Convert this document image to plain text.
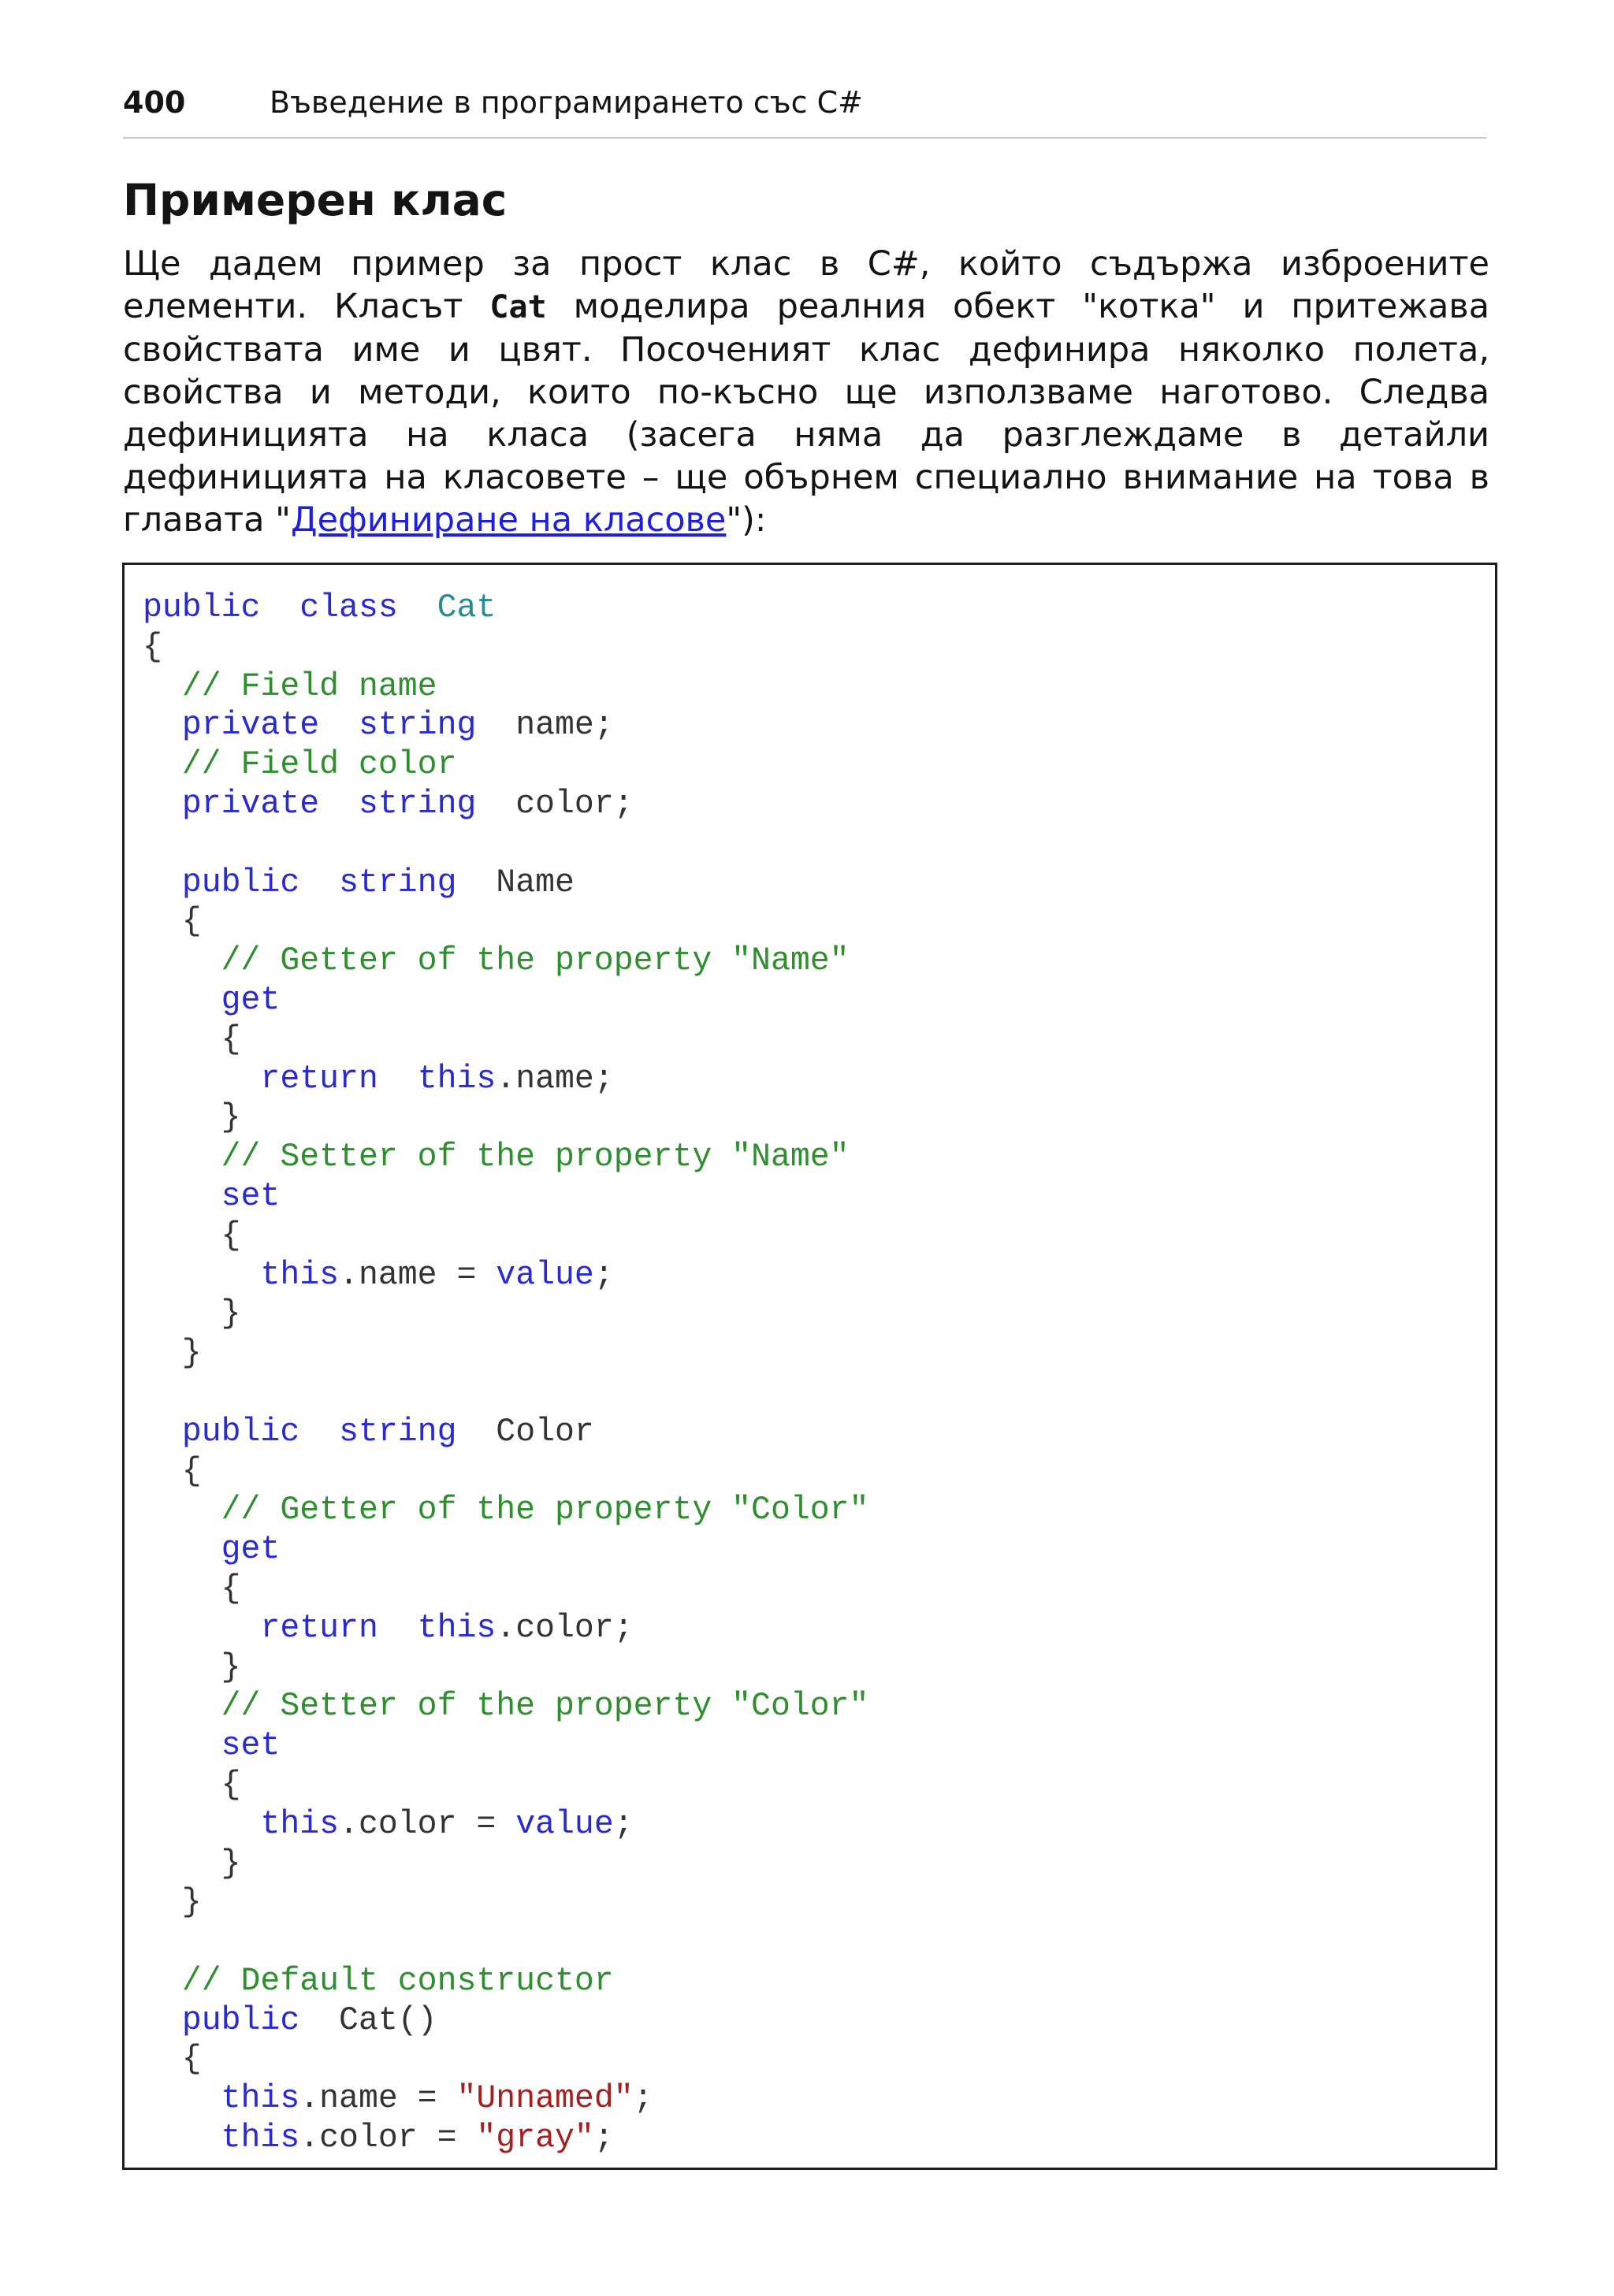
400	Въведение в програмирането със C#
Примерен клас

Ще дадем пример за прост клас в C#, който съдържа изброените елементи. Класът Cat моделира реалния обект "котка" и притежава свойствата име и цвят. Посоченият клас дефинира няколко полета, свойства и методи, които по-късно ще използваме наготово. Следва дефиницията на класа (засега няма да разглеждаме в детайли дефиницията на класовете – ще обърнем специално внимание на това в главата "Дефиниране на класове"):

public class Cat
{
// Field name
private string  name;
// Field color
private string  color;
public string  Name
{
// Getter of the property "Name"
get
{
return this.name;
}
// Setter of the property "Name"
set
{
this.name = value;
}
}
public string  Color
{
// Getter of the property "Color"
get
{
return this.color;
}
// Setter of the property "Color"
set
{
this.color = value;
}
}
// Default constructor
public  Cat()
{
this.name = "Unnamed";
this.color = "gray";
